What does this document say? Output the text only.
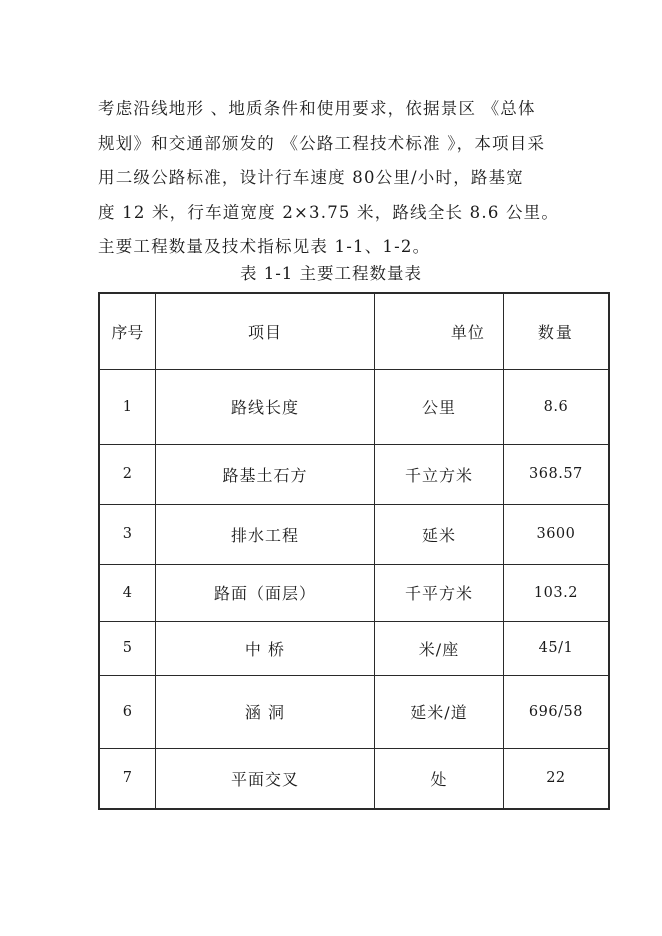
考虑沿线地形 、地质条件和使用要求，依据景区 《总体
规划》和交通部颁发的 《公路工程技术标准 》，本项目采
用二级公路标准，设计行车速度 80公里/小时，路基宽
度 12 米，行车道宽度 2×3.75 米，路线全长 8.6 公里。
主要工程数量及技术指标见表 1-1、1-2。
表 1-1 主要工程数量表
序号	项目	单位	数量
1	路线长度	公里	8.6
2	路基土石方	千立方米	368.57
3	排水工程	延米	3600
4	路面（面层）	千平方米	103.2
5	中 桥	米/座	45/1
6	涵 洞	延米/道	696/58
7	平面交叉	处	22
